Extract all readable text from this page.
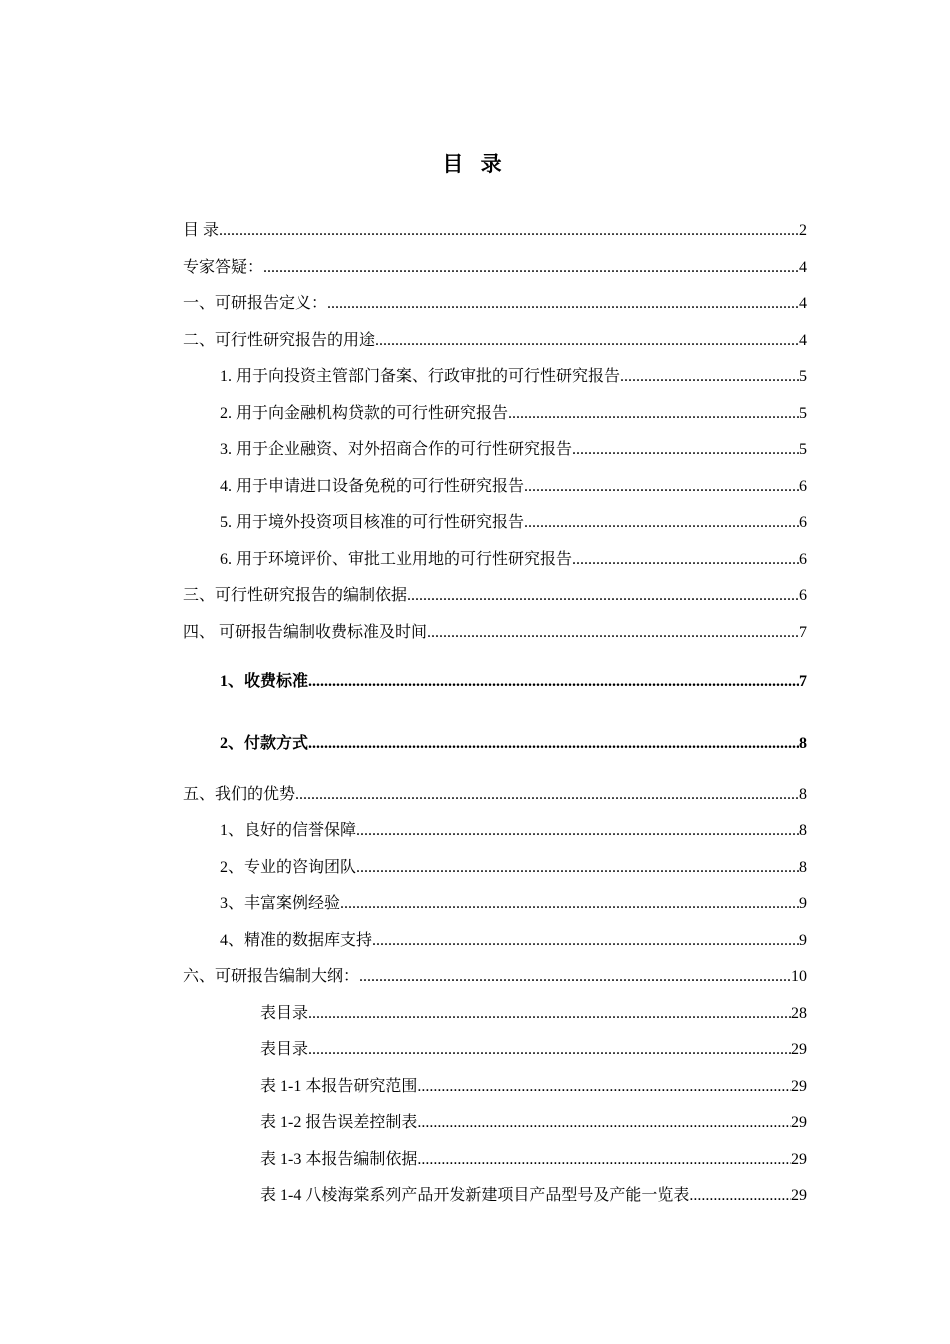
目 录
目 录 .....	2
专家答疑： .....	4
一、可研报告定义： .....	4
二、可行性研究报告的用途 .....	4
1. 用于向投资主管部门备案、行政审批的可行性研究报告 .....	5
2. 用于向金融机构贷款的可行性研究报告 .....	5
3. 用于企业融资、对外招商合作的可行性研究报告 .....	5
4. 用于申请进口设备免税的可行性研究报告 .....	6
5. 用于境外投资项目核准的可行性研究报告 .....	6
6. 用于环境评价、审批工业用地的可行性研究报告 .....	6
三、可行性研究报告的编制依据 .....	6
四、 可研报告编制收费标准及时间 .....	7
1、收费标准 .....	7
2、付款方式 .....	8
五、我们的优势 .....	8
1、良好的信誉保障 .....	8
2、专业的咨询团队 .....	8
3、丰富案例经验 .....	9
4、精准的数据库支持 .....	9
六、可研报告编制大纲： .....	10
表目录 .....	28
表目录 .....	29
表 1-1 本报告研究范围 .....	29
表 1-2 报告误差控制表 .....	29
表 1-3 本报告编制依据 .....	29
表 1-4 八棱海棠系列产品开发新建项目产品型号及产能一览表 .....	29
